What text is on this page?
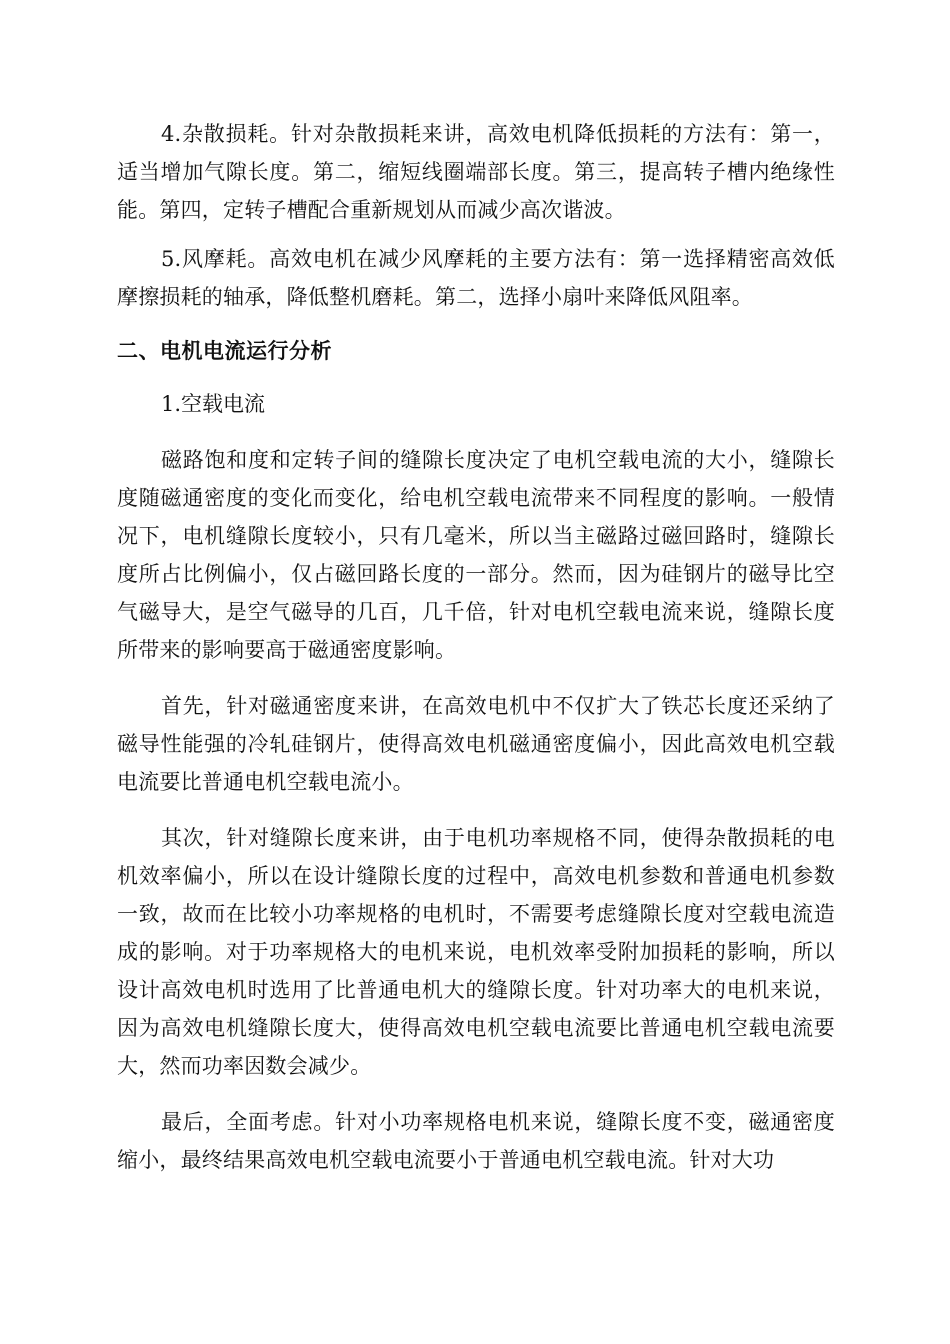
4.杂散损耗。针对杂散损耗来讲，高效电机降低损耗的方法有：第一，适当增加气隙长度。第二，缩短线圈端部长度。第三，提高转子槽内绝缘性能。第四，定转子槽配合重新规划从而减少高次谐波。

5.风摩耗。高效电机在减少风摩耗的主要方法有：第一选择精密高效低摩擦损耗的轴承，降低整机磨耗。第二，选择小扇叶来降低风阻率。

二、电机电流运行分析

1.空载电流

磁路饱和度和定转子间的缝隙长度决定了电机空载电流的大小，缝隙长度随磁通密度的变化而变化，给电机空载电流带来不同程度的影响。一般情况下，电机缝隙长度较小，只有几毫米，所以当主磁路过磁回路时，缝隙长度所占比例偏小，仅占磁回路长度的一部分。然而，因为硅钢片的磁导比空气磁导大，是空气磁导的几百，几千倍，针对电机空载电流来说，缝隙长度所带来的影响要高于磁通密度影响。

首先，针对磁通密度来讲，在高效电机中不仅扩大了铁芯长度还采纳了磁导性能强的冷轧硅钢片，使得高效电机磁通密度偏小，因此高效电机空载电流要比普通电机空载电流小。

其次，针对缝隙长度来讲，由于电机功率规格不同，使得杂散损耗的电机效率偏小，所以在设计缝隙长度的过程中，高效电机参数和普通电机参数一致，故而在比较小功率规格的电机时，不需要考虑缝隙长度对空载电流造成的影响。对于功率规格大的电机来说，电机效率受附加损耗的影响，所以设计高效电机时选用了比普通电机大的缝隙长度。针对功率大的电机来说，因为高效电机缝隙长度大，使得高效电机空载电流要比普通电机空载电流要大，然而功率因数会减少。

最后，全面考虑。针对小功率规格电机来说，缝隙长度不变，磁通密度缩小，最终结果高效电机空载电流要小于普通电机空载电流。针对大功
